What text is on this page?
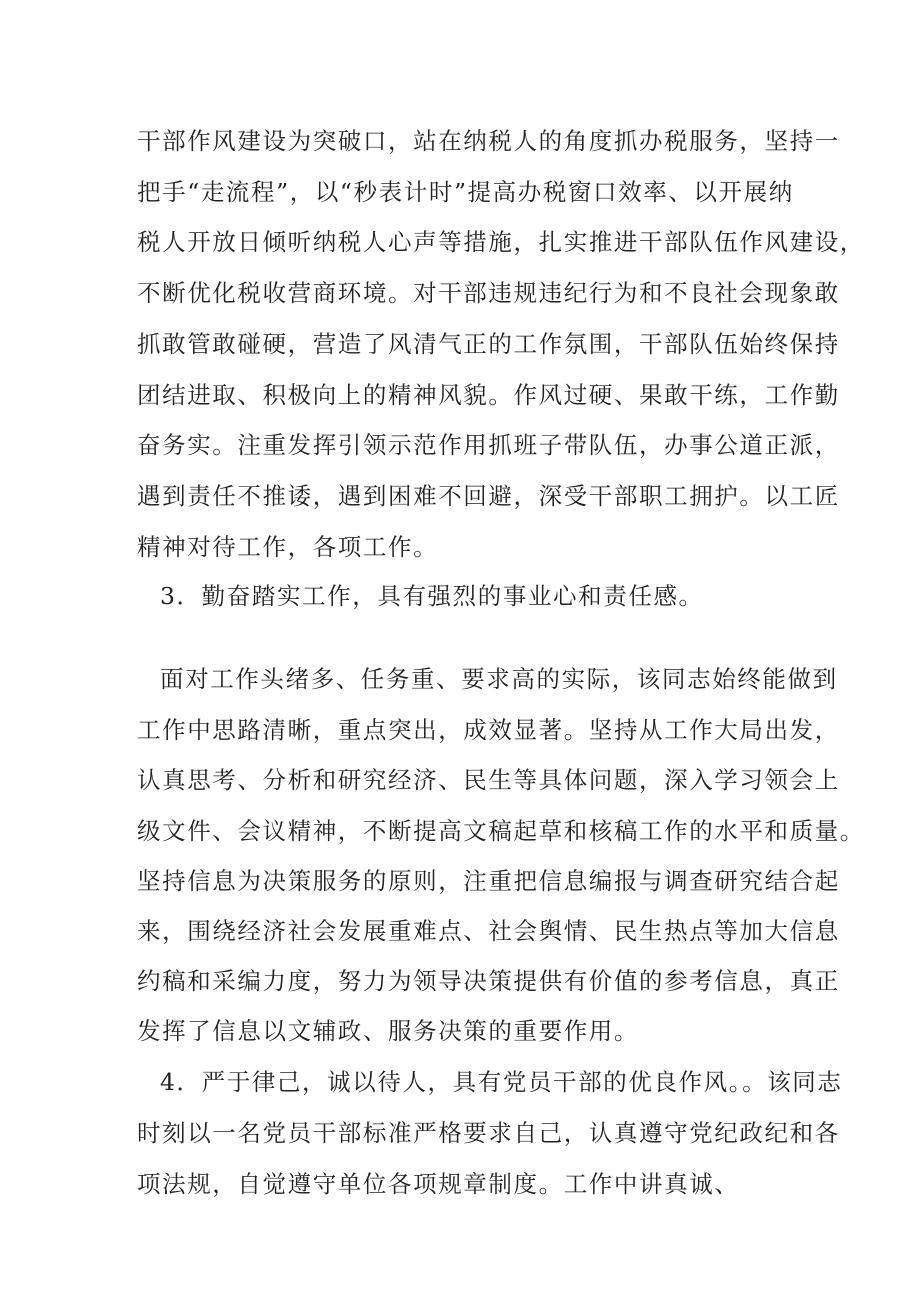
干部作风建设为突破口，站在纳税人的角度抓办税服务，坚持一
把手“走流程”，以“秒表计时”提高办税窗口效率、以开展纳
税人开放日倾听纳税人心声等措施，扎实推进干部队伍作风建设，
不断优化税收营商环境。对干部违规违纪行为和不良社会现象敢
抓敢管敢碰硬，营造了风清气正的工作氛围，干部队伍始终保持
团结进取、积极向上的精神风貌。作风过硬、果敢干练，工作勤
奋务实。注重发挥引领示范作用抓班子带队伍，办事公道正派，
遇到责任不推诿，遇到困难不回避，深受干部职工拥护。以工匠
精神对待工作，各项工作。
3．勤奋踏实工作，具有强烈的事业心和责任感。
面对工作头绪多、任务重、要求高的实际，该同志始终能做到
工作中思路清晰，重点突出，成效显著。坚持从工作大局出发，
认真思考、分析和研究经济、民生等具体问题，深入学习领会上
级文件、会议精神，不断提高文稿起草和核稿工作的水平和质量。
坚持信息为决策服务的原则，注重把信息编报与调查研究结合起
来，围绕经济社会发展重难点、社会舆情、民生热点等加大信息
约稿和采编力度，努力为领导决策提供有价值的参考信息，真正
发挥了信息以文辅政、服务决策的重要作用。
4．严于律己，诚以待人，具有党员干部的优良作风。。该同志
时刻以一名党员干部标准严格要求自己，认真遵守党纪政纪和各
项法规，自觉遵守单位各项规章制度。工作中讲真诚、
